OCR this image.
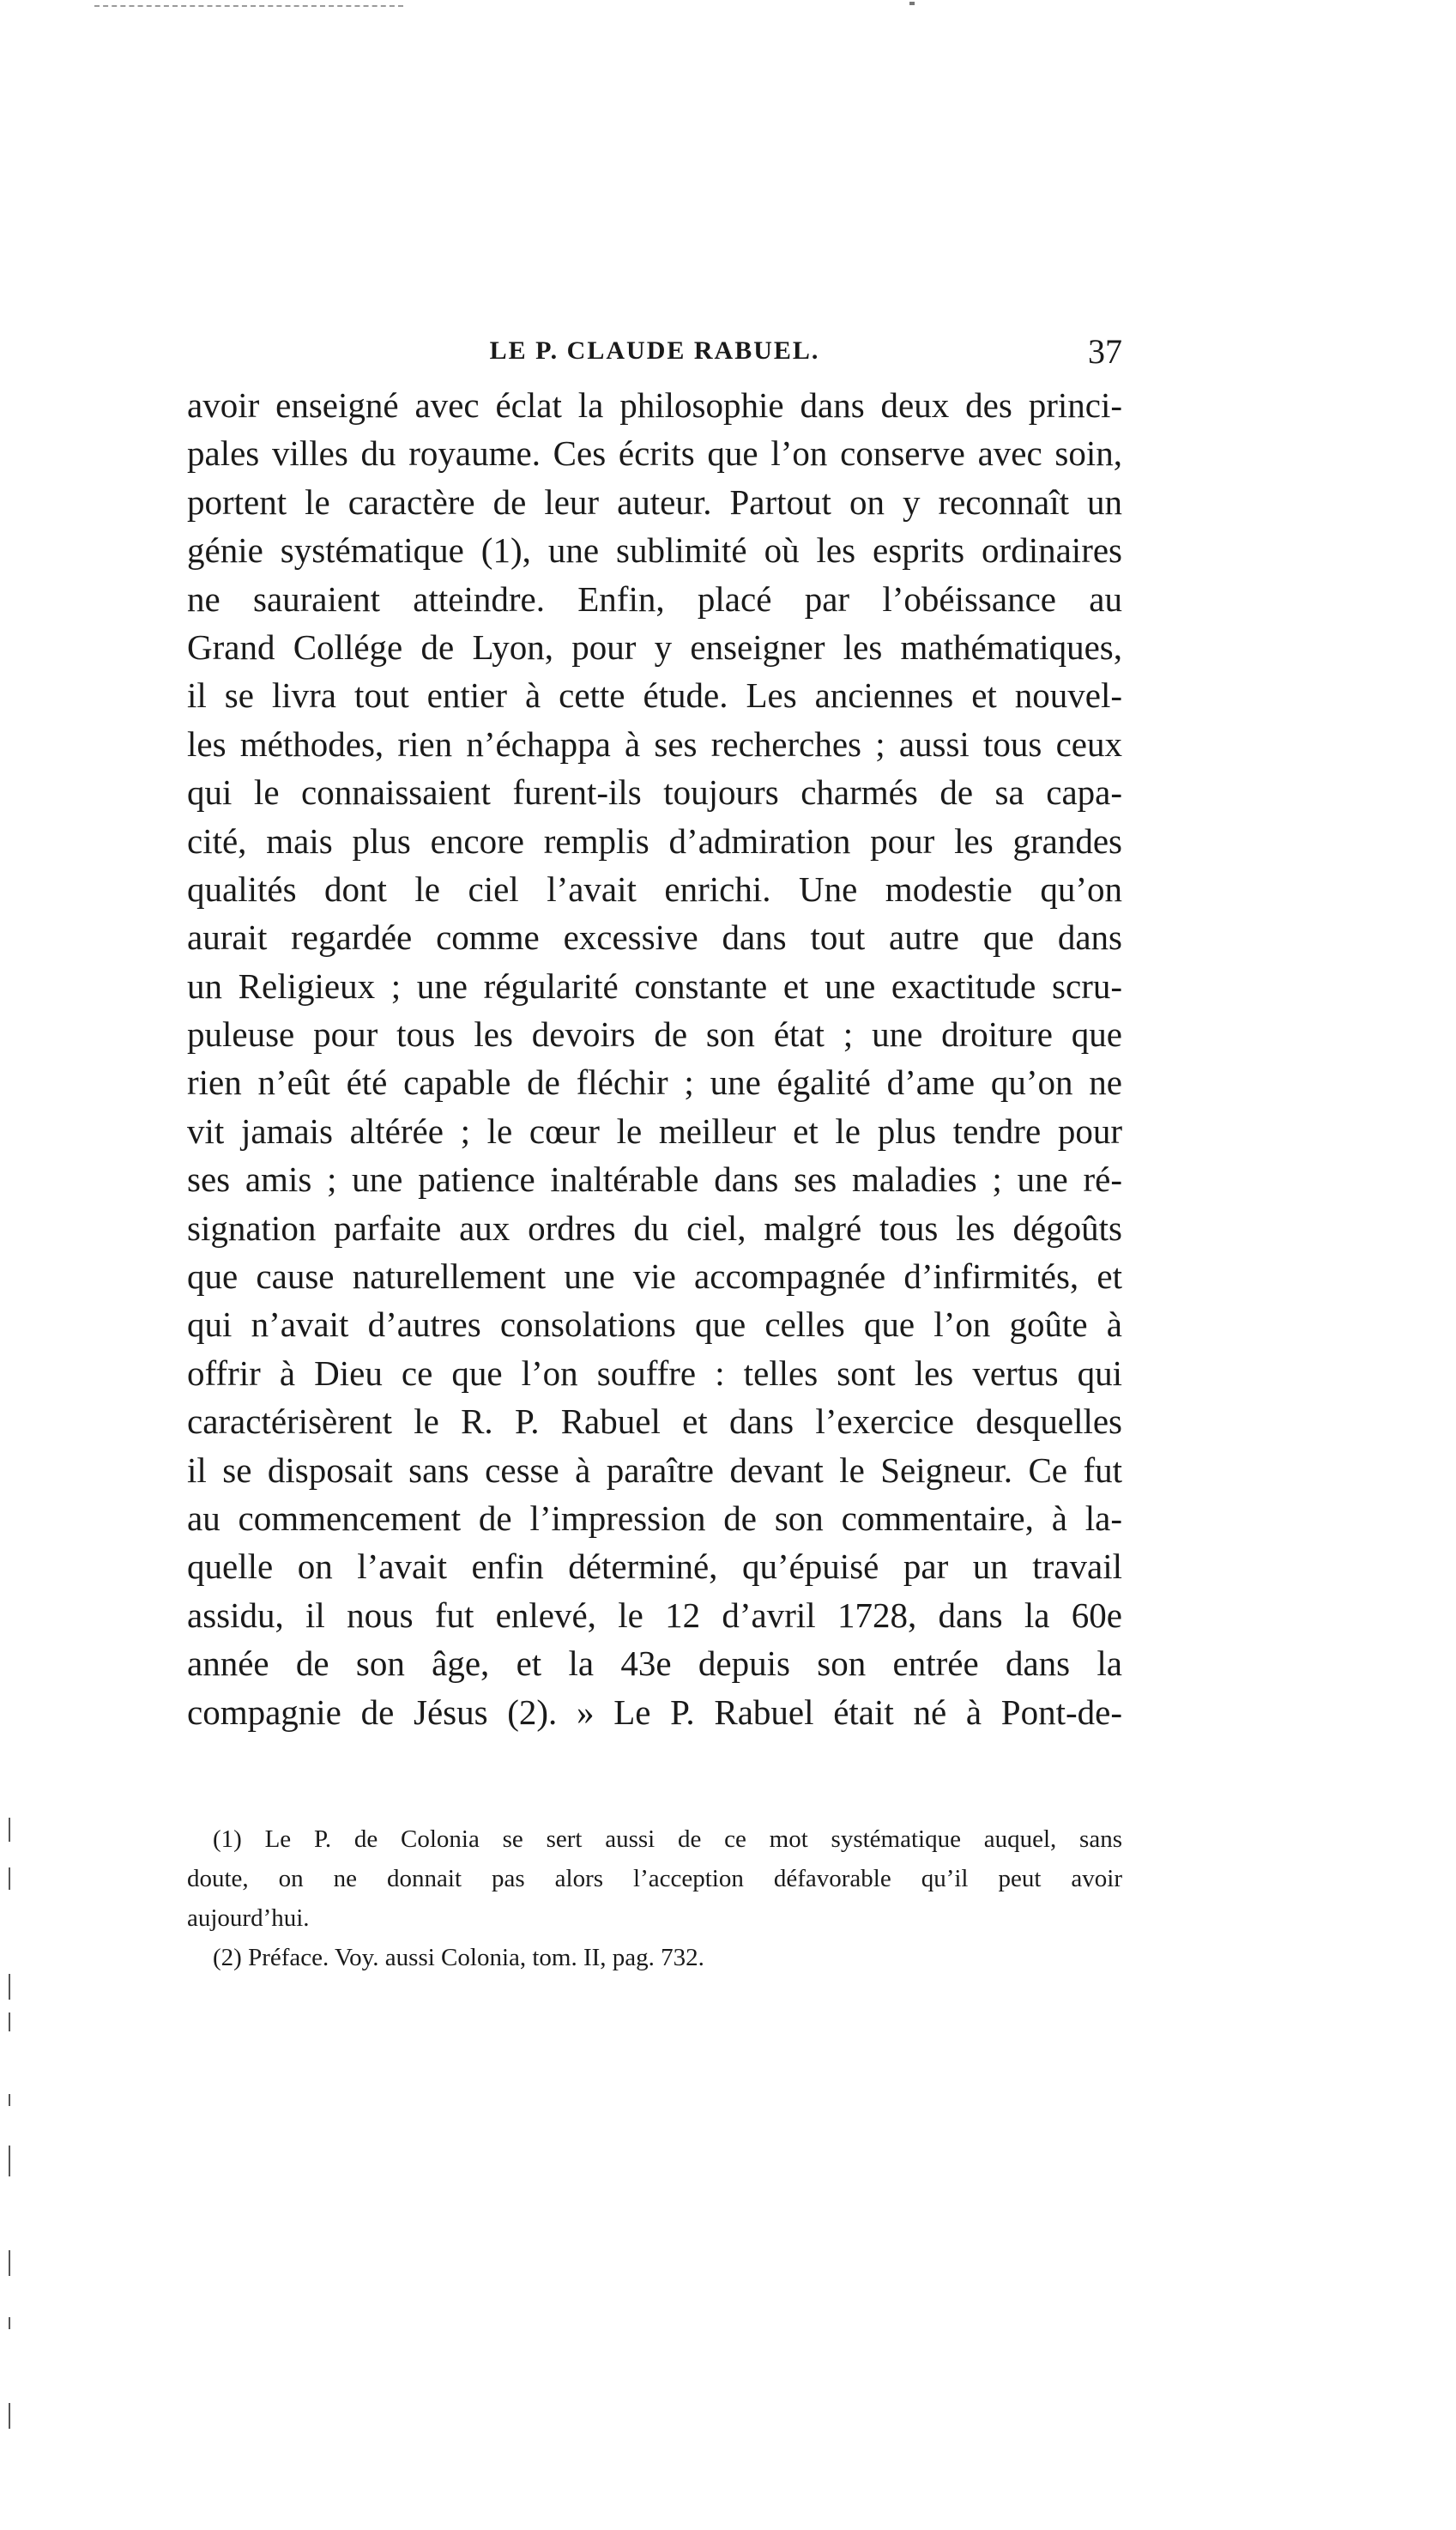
LE P. CLAUDE RABUEL.	37
avoir enseigné avec éclat la philosophie dans deux des princi-
pales villes du royaume. Ces écrits que l’on conserve avec soin,
portent le caractère de leur auteur. Partout on y reconnaît un
génie systématique (1), une sublimité où les esprits ordinaires
ne sauraient atteindre. Enfin, placé par l’obéissance au
Grand Collége de Lyon, pour y enseigner les mathématiques,
il se livra tout entier à cette étude. Les anciennes et nouvel-
les méthodes, rien n’échappa à ses recherches ; aussi tous ceux
qui le connaissaient furent-ils toujours charmés de sa capa-
cité, mais plus encore remplis d’admiration pour les grandes
qualités dont le ciel l’avait enrichi. Une modestie qu’on
aurait regardée comme excessive dans tout autre que dans
un Religieux ; une régularité constante et une exactitude scru-
puleuse pour tous les devoirs de son état ; une droiture que
rien n’eût été capable de fléchir ; une égalité d’ame qu’on ne
vit jamais altérée ; le cœur le meilleur et le plus tendre pour
ses amis ; une patience inaltérable dans ses maladies ; une ré-
signation parfaite aux ordres du ciel, malgré tous les dégoûts
que cause naturellement une vie accompagnée d’infirmités, et
qui n’avait d’autres consolations que celles que l’on goûte à
offrir à Dieu ce que l’on souffre : telles sont les vertus qui
caractérisèrent le R. P. Rabuel et dans l’exercice desquelles
il se disposait sans cesse à paraître devant le Seigneur. Ce fut
au commencement de l’impression de son commentaire, à la-
quelle on l’avait enfin déterminé, qu’épuisé par un travail
assidu, il nous fut enlevé, le 12 d’avril 1728, dans la 60e
année de son âge, et la 43e depuis son entrée dans la
compagnie de Jésus (2). » Le P. Rabuel était né à Pont-de-
(1) Le P. de Colonia se sert aussi de ce mot systématique auquel, sans
doute, on ne donnait pas alors l’acception défavorable qu’il peut avoir
aujourd’hui.
(2) Préface. Voy. aussi Colonia, tom. II, pag. 732.
